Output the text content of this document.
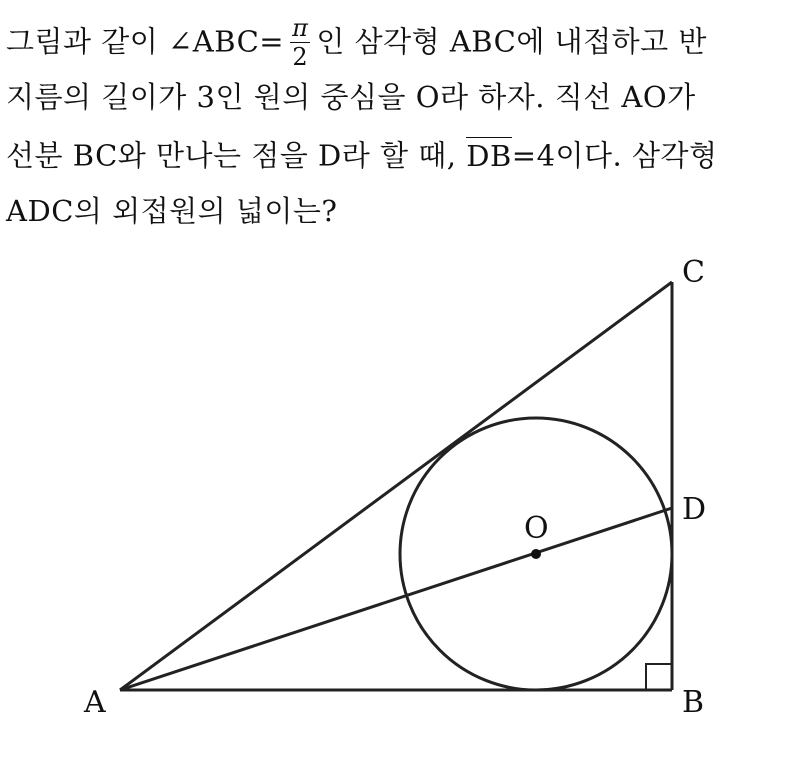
그림과 같이 ∠ABC= $\frac{\pi}{2}$ 인 삼각형 ABC에 내접하고 반
지름의 길이가 3인 원의 중심을 O라 하자. 직선 AO가
선분 BC와 만나는 점을 D라 할 때, DB=4이다. 삼각형
ADC의 외접원의 넓이는?
A	B
C
D
O
